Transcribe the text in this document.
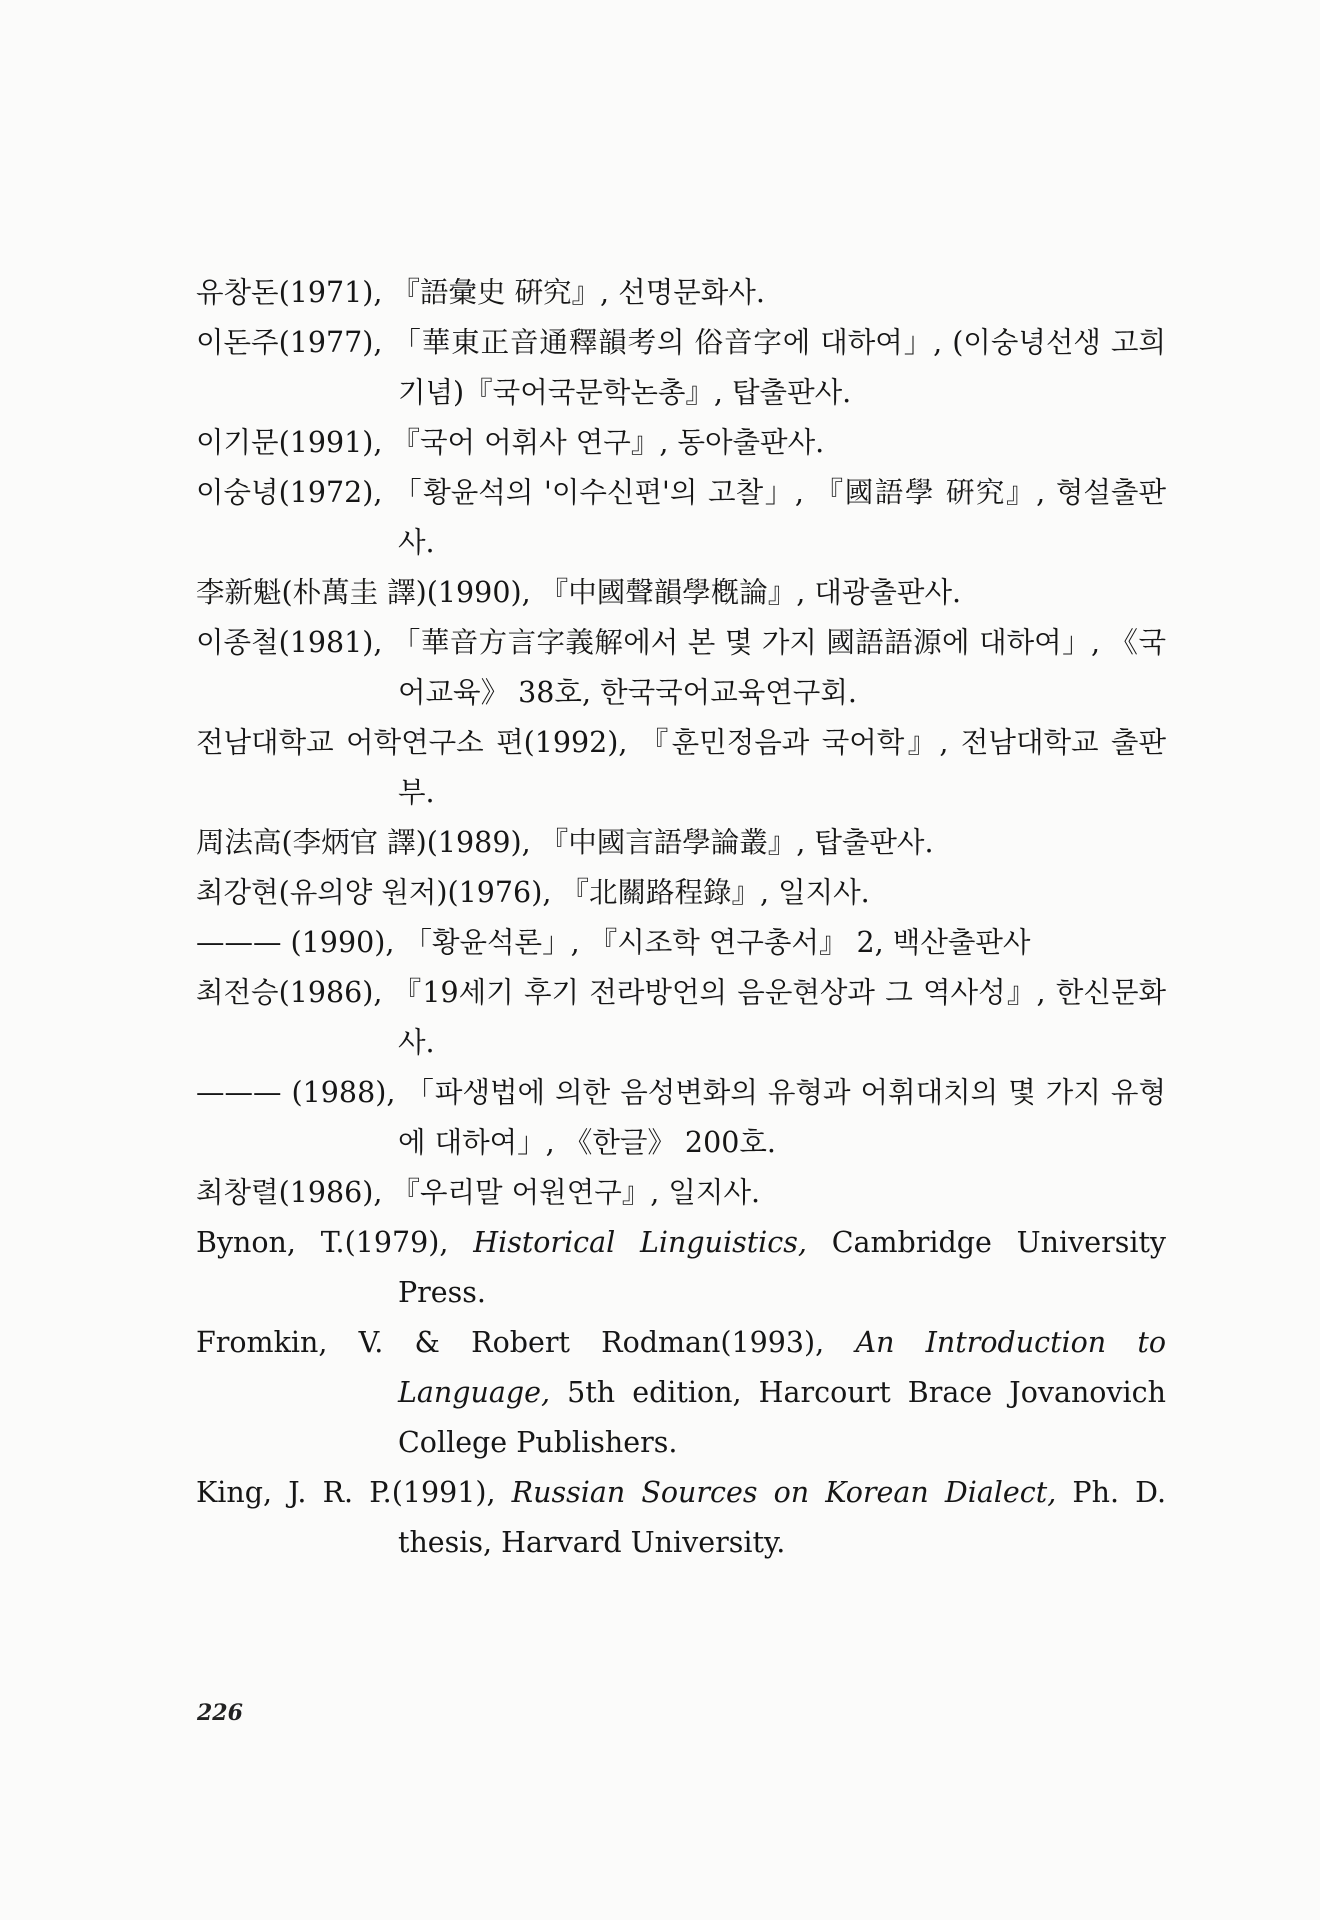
유창돈(1971), 『語彙史 硏究』, 선명문화사.
이돈주(1977), 「華東正音通釋韻考의 俗音字에 대하여」, (이숭녕선생 고희기념)『국어국문학논총』, 탑출판사.
이기문(1991), 『국어 어휘사 연구』, 동아출판사.
이숭녕(1972), 「황윤석의 '이수신편'의 고찰」, 『國語學 硏究』, 형설출판사.
李新魁(朴萬圭 譯)(1990), 『中國聲韻學槪論』, 대광출판사.
이종철(1981), 「華音方言字義解에서 본 몇 가지 國語語源에 대하여」, 《국어교육》 38호, 한국국어교육연구회.
전남대학교 어학연구소 편(1992), 『훈민정음과 국어학』, 전남대학교 출판부.
周法高(李炳官 譯)(1989), 『中國言語學論叢』, 탑출판사.
최강현(유의양 원저)(1976), 『北關路程錄』, 일지사.
——— (1990), 「황윤석론」, 『시조학 연구총서』 2, 백산출판사
최전승(1986), 『19세기 후기 전라방언의 음운현상과 그 역사성』, 한신문화사.
——— (1988), 「파생법에 의한 음성변화의 유형과 어휘대치의 몇 가지 유형에 대하여」, 《한글》 200호.
최창렬(1986), 『우리말 어원연구』, 일지사.
Bynon, T.(1979), Historical Linguistics, Cambridge University Press.
Fromkin, V. & Robert Rodman(1993), An Introduction to Language, 5th edition, Harcourt Brace Jovanovich College Publishers.
King, J. R. P.(1991), Russian Sources on Korean Dialect, Ph. D. thesis, Harvard University.
226
